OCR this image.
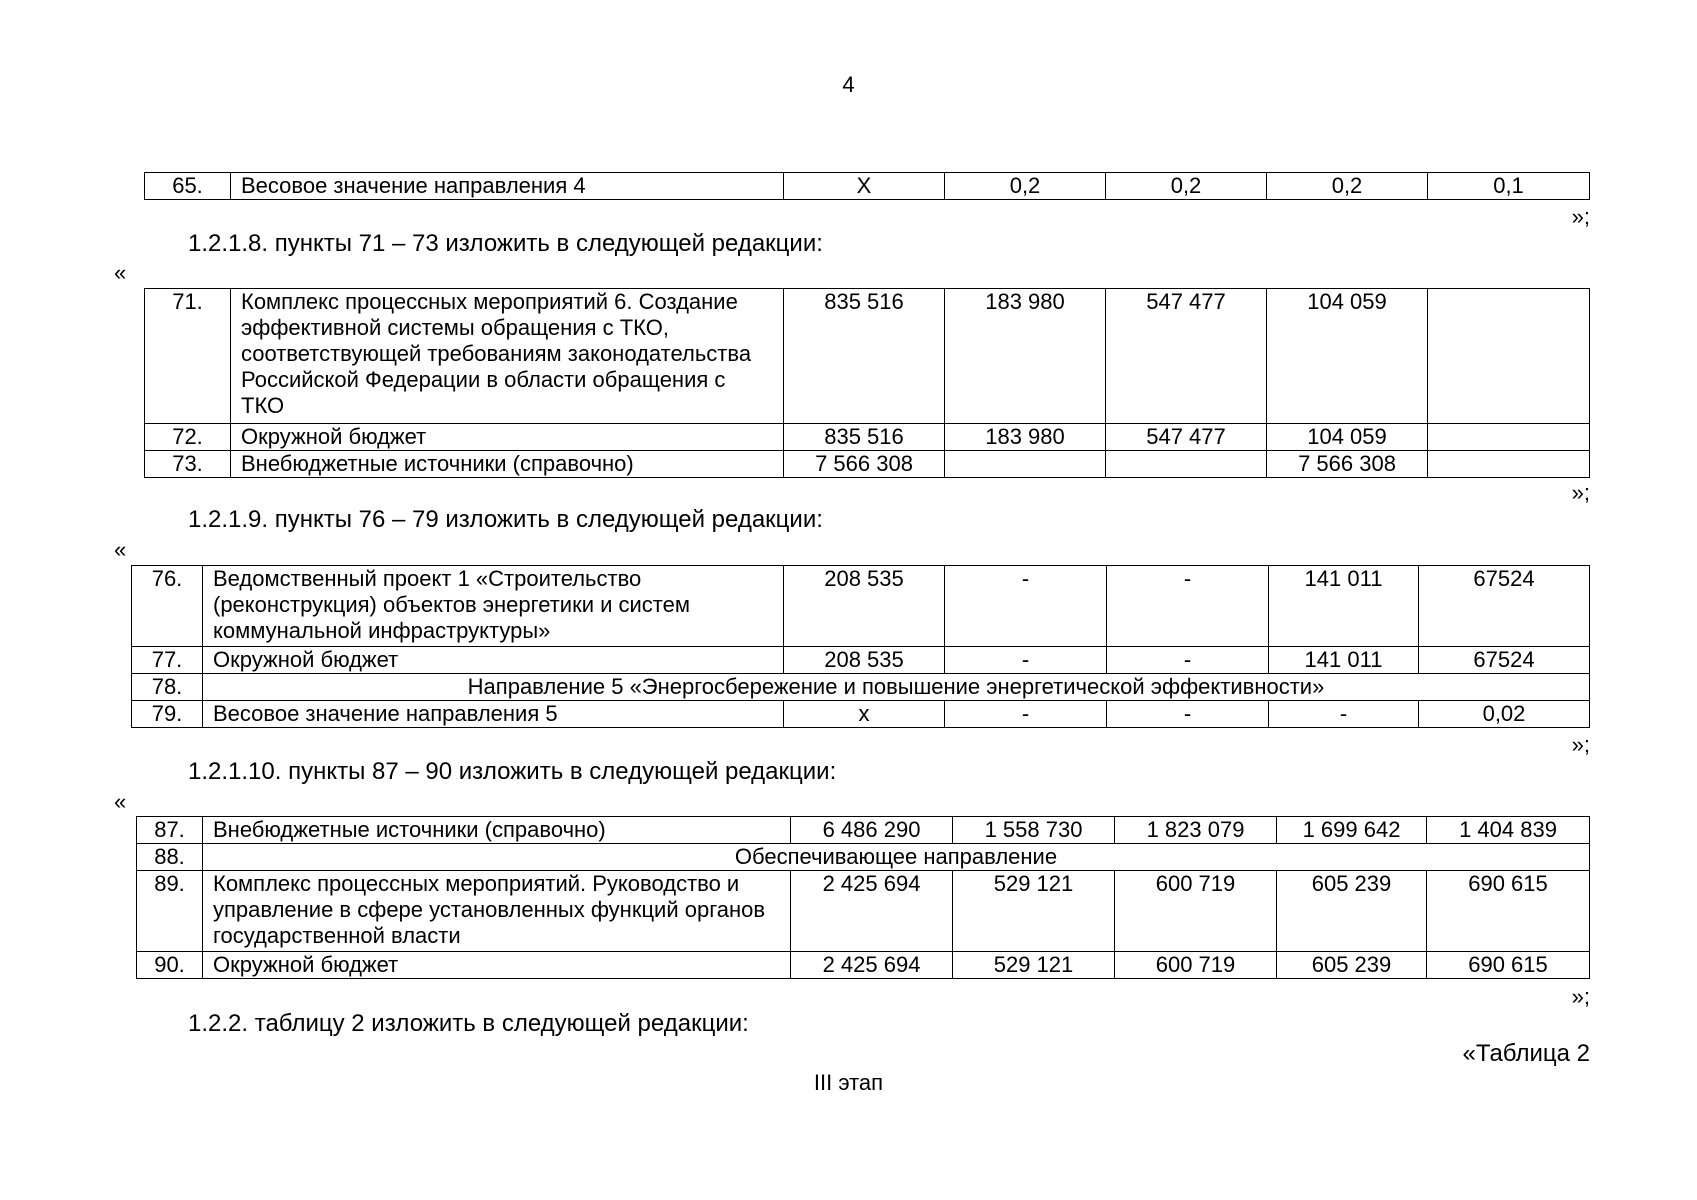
4
65.	Весовое значение направления 4	X	0,2	0,2	0,2	0,1
»;
1.2.1.8. пункты 71 – 73 изложить в следующей редакции:
«
71.	Комплекс процессных мероприятий 6. Создание эффективной системы обращения с ТКО, соответствующей требованиям законодательства Российской Федерации в области обращения с ТКО	835 516	183 980	547 477	104 059	
72.	Окружной бюджет	835 516	183 980	547 477	104 059	
73.	Внебюджетные источники (справочно)	7 566 308			7 566 308	
»;
1.2.1.9. пункты 76 – 79 изложить в следующей редакции:
«
76.	Ведомственный проект 1 «Строительство (реконструкция) объектов энергетики и систем коммунальной инфраструктуры»	208 535	-	-	141 011	67524
77.	Окружной бюджет	208 535	-	-	141 011	67524
78.	Направление 5 «Энергосбережение и повышение энергетической эффективности»					
79.	Весовое значение направления 5	x	-	-	-	0,02
»;
1.2.1.10. пункты 87 – 90 изложить в следующей редакции:
«
87.	Внебюджетные источники (справочно)	6 486 290	1 558 730	1 823 079	1 699 642	1 404 839
88.	Обеспечивающее направление					
89.	Комплекс процессных мероприятий. Руководство и управление в сфере установленных функций органов государственной власти	2 425 694	529 121	600 719	605 239	690 615
90.	Окружной бюджет	2 425 694	529 121	600 719	605 239	690 615
»;
1.2.2. таблицу 2 изложить в следующей редакции:
«Таблица 2
III этап
